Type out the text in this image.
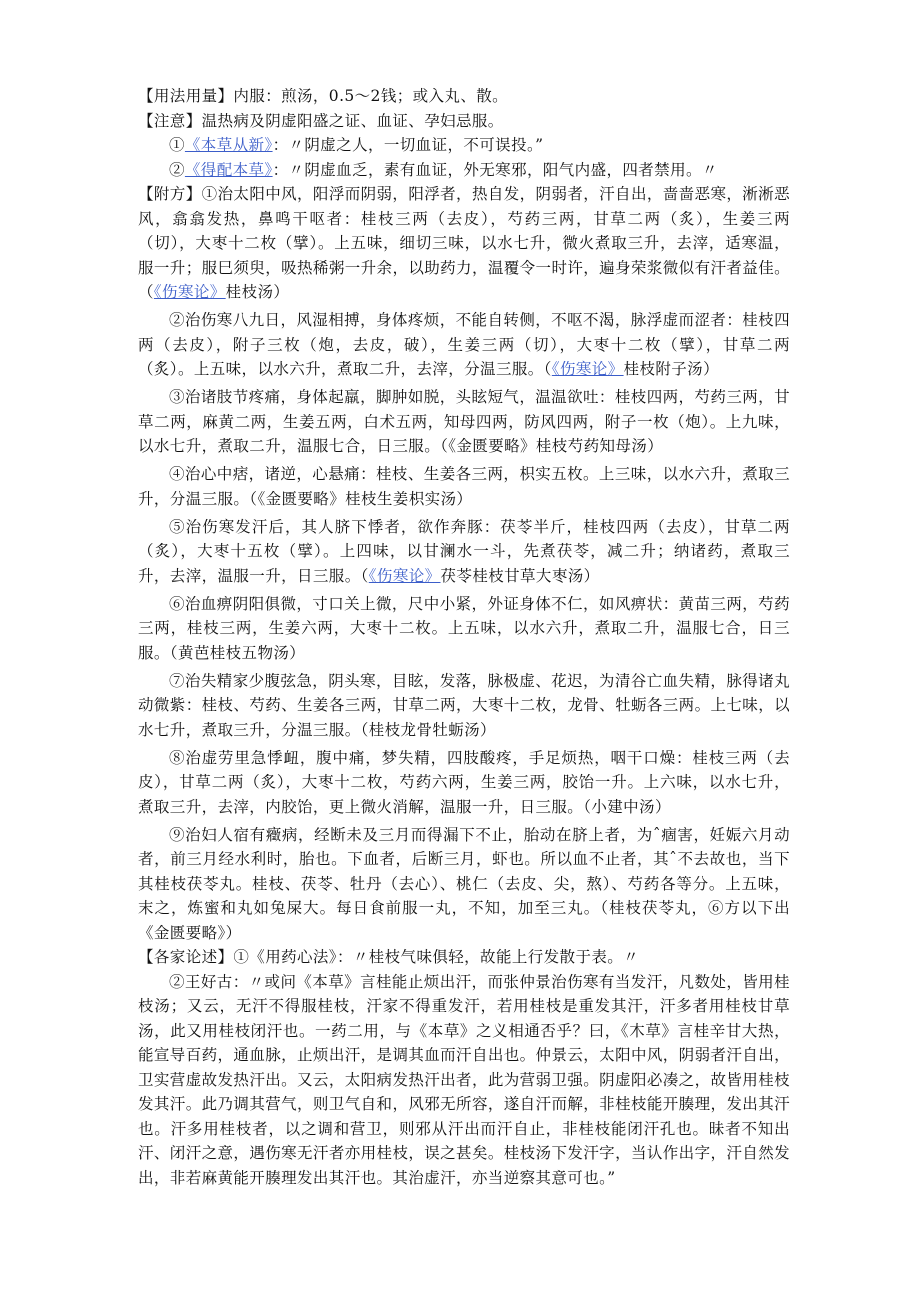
【用法用量】内服：煎汤，0.5～2钱；或入丸、散。

【注意】温热病及阴虚阳盛之证、血证、孕妇忌服。

①《本草从新》：〃阴虚之人，一切血证，不可误投。”

②《得配本草》：〃阴虚血乏，素有血证，外无寒邪，阳气内盛，四者禁用。〃

【附方】①治太阳中风，阳浮而阴弱，阳浮者，热自发，阴弱者，汗自出，啬啬恶寒，淅淅恶风，翕翕发热，鼻鸣干呕者：桂枝三两（去皮），芍药三两，甘草二两（炙），生姜三两（切），大枣十二枚（擘）。上五味，细切三味，以水七升，微火煮取三升，去滓，适寒温，服一升；服巳须臾，吸热稀粥一升余，以助药力，温覆令一时许，遍身荣浆微似有汗者益佳。（《伤寒论》桂枝汤）

②治伤寒八九日，风湿相搏，身体疼烦，不能自转侧，不呕不渴，脉浮虚而涩者：桂枝四两（去皮），附子三枚（炮，去皮，破），生姜三两（切），大枣十二枚（擘），甘草二两（炙）。上五味，以水六升，煮取二升，去滓，分温三服。（《伤寒论》桂枝附子汤）

③治诸肢节疼痛，身体起羸，脚肿如脱，头眩短气，温温欲吐：桂枝四两，芍药三两，甘草二两，麻黄二两，生姜五两，白术五两，知母四两，防风四两，附子一枚（炮）。上九味，以水七升，煮取二升，温服七合，日三服。（《金匮要略》桂枝芍药知母汤）

④治心中痞，诸逆，心悬痛：桂枝、生姜各三两，枳实五枚。上三味，以水六升，煮取三升，分温三服。（《金匮要略》桂枝生姜枳实汤）

⑤治伤寒发汗后，其人脐下悸者，欲作奔豚：茯苓半斤，桂枝四两（去皮），甘草二两（炙），大枣十五枚（擘）。上四味，以甘澜水一斗，先煮茯苓，减二升；纳诸药，煮取三升，去滓，温服一升，日三服。（《伤寒论》茯苓桂枝甘草大枣汤）

⑥治血痹阴阳俱微，寸口关上微，尺中小紧，外证身体不仁，如风痹状：黄苗三两，芍药三两，桂枝三两，生姜六两，大枣十二枚。上五味，以水六升，煮取二升，温服七合，日三服。（黄芭桂枝五物汤）

⑦治失精家少腹弦急，阴头寒，目眩，发落，脉极虚、花迟，为清谷亡血失精，脉得诸丸动微紫：桂枝、芍药、生姜各三两，甘草二两，大枣十二枚，龙骨、牡蛎各三两。上七味，以水七升，煮取三升，分温三服。（桂枝龙骨牡蛎汤）

⑧治虚劳里急悸衄，腹中痛，梦失精，四肢酸疼，手足烦热，咽干口燥：桂枝三两（去皮），甘草二两（炙），大枣十二枚，芍药六两，生姜三两，胶饴一升。上六味，以水七升，煮取三升，去滓，内胶饴，更上微火消解，温服一升，日三服。（小建中汤）

⑨治妇人宿有癥病，经断未及三月而得漏下不止，胎动在脐上者，为ˆ痼害，妊娠六月动者，前三月经水利时，胎也。下血者，后断三月，虾也。所以血不止者，其ˆ不去故也，当下其桂枝茯苓丸。桂枝、茯苓、牡丹（去心）、桃仁（去皮、尖，熬）、芍药各等分。上五味，末之，炼蜜和丸如兔屎大。每日食前服一丸，不知，加至三丸。（桂枝茯苓丸，⑥方以下出《金匮要略》）

【各家论述】①《用药心法》：〃桂枝气味俱轻，故能上行发散于表。〃

②王好古：〃或问《本草》言桂能止烦出汗，而张仲景治伤寒有当发汗，凡数处，皆用桂枝汤；又云，无汗不得服桂枝，汗家不得重发汗，若用桂枝是重发其汗，汗多者用桂枝甘草汤，此又用桂枝闭汗也。一药二用，与《本草》之义相通否乎？曰，《木草》言桂辛甘大热，能宣导百药，通血脉，止烦出汗，是调其血而汗自出也。仲景云，太阳中风，阴弱者汗自出，卫实营虚故发热汗出。又云，太阳病发热汗出者，此为营弱卫强。阴虚阳必凑之，故皆用桂枝发其汗。此乃调其营气，则卫气自和，风邪无所容，遂自汗而解，非桂枝能开腠理，发出其汗也。汗多用桂枝者，以之调和营卫，则邪从汗出而汗自止，非桂枝能闭汗孔也。昧者不知出汗、闭汗之意，遇伤寒无汗者亦用桂枝，误之甚矣。桂枝汤下发汗字，当认作出字，汗自然发出，非若麻黄能开腠理发出其汗也。其治虚汗，亦当逆察其意可也。”
